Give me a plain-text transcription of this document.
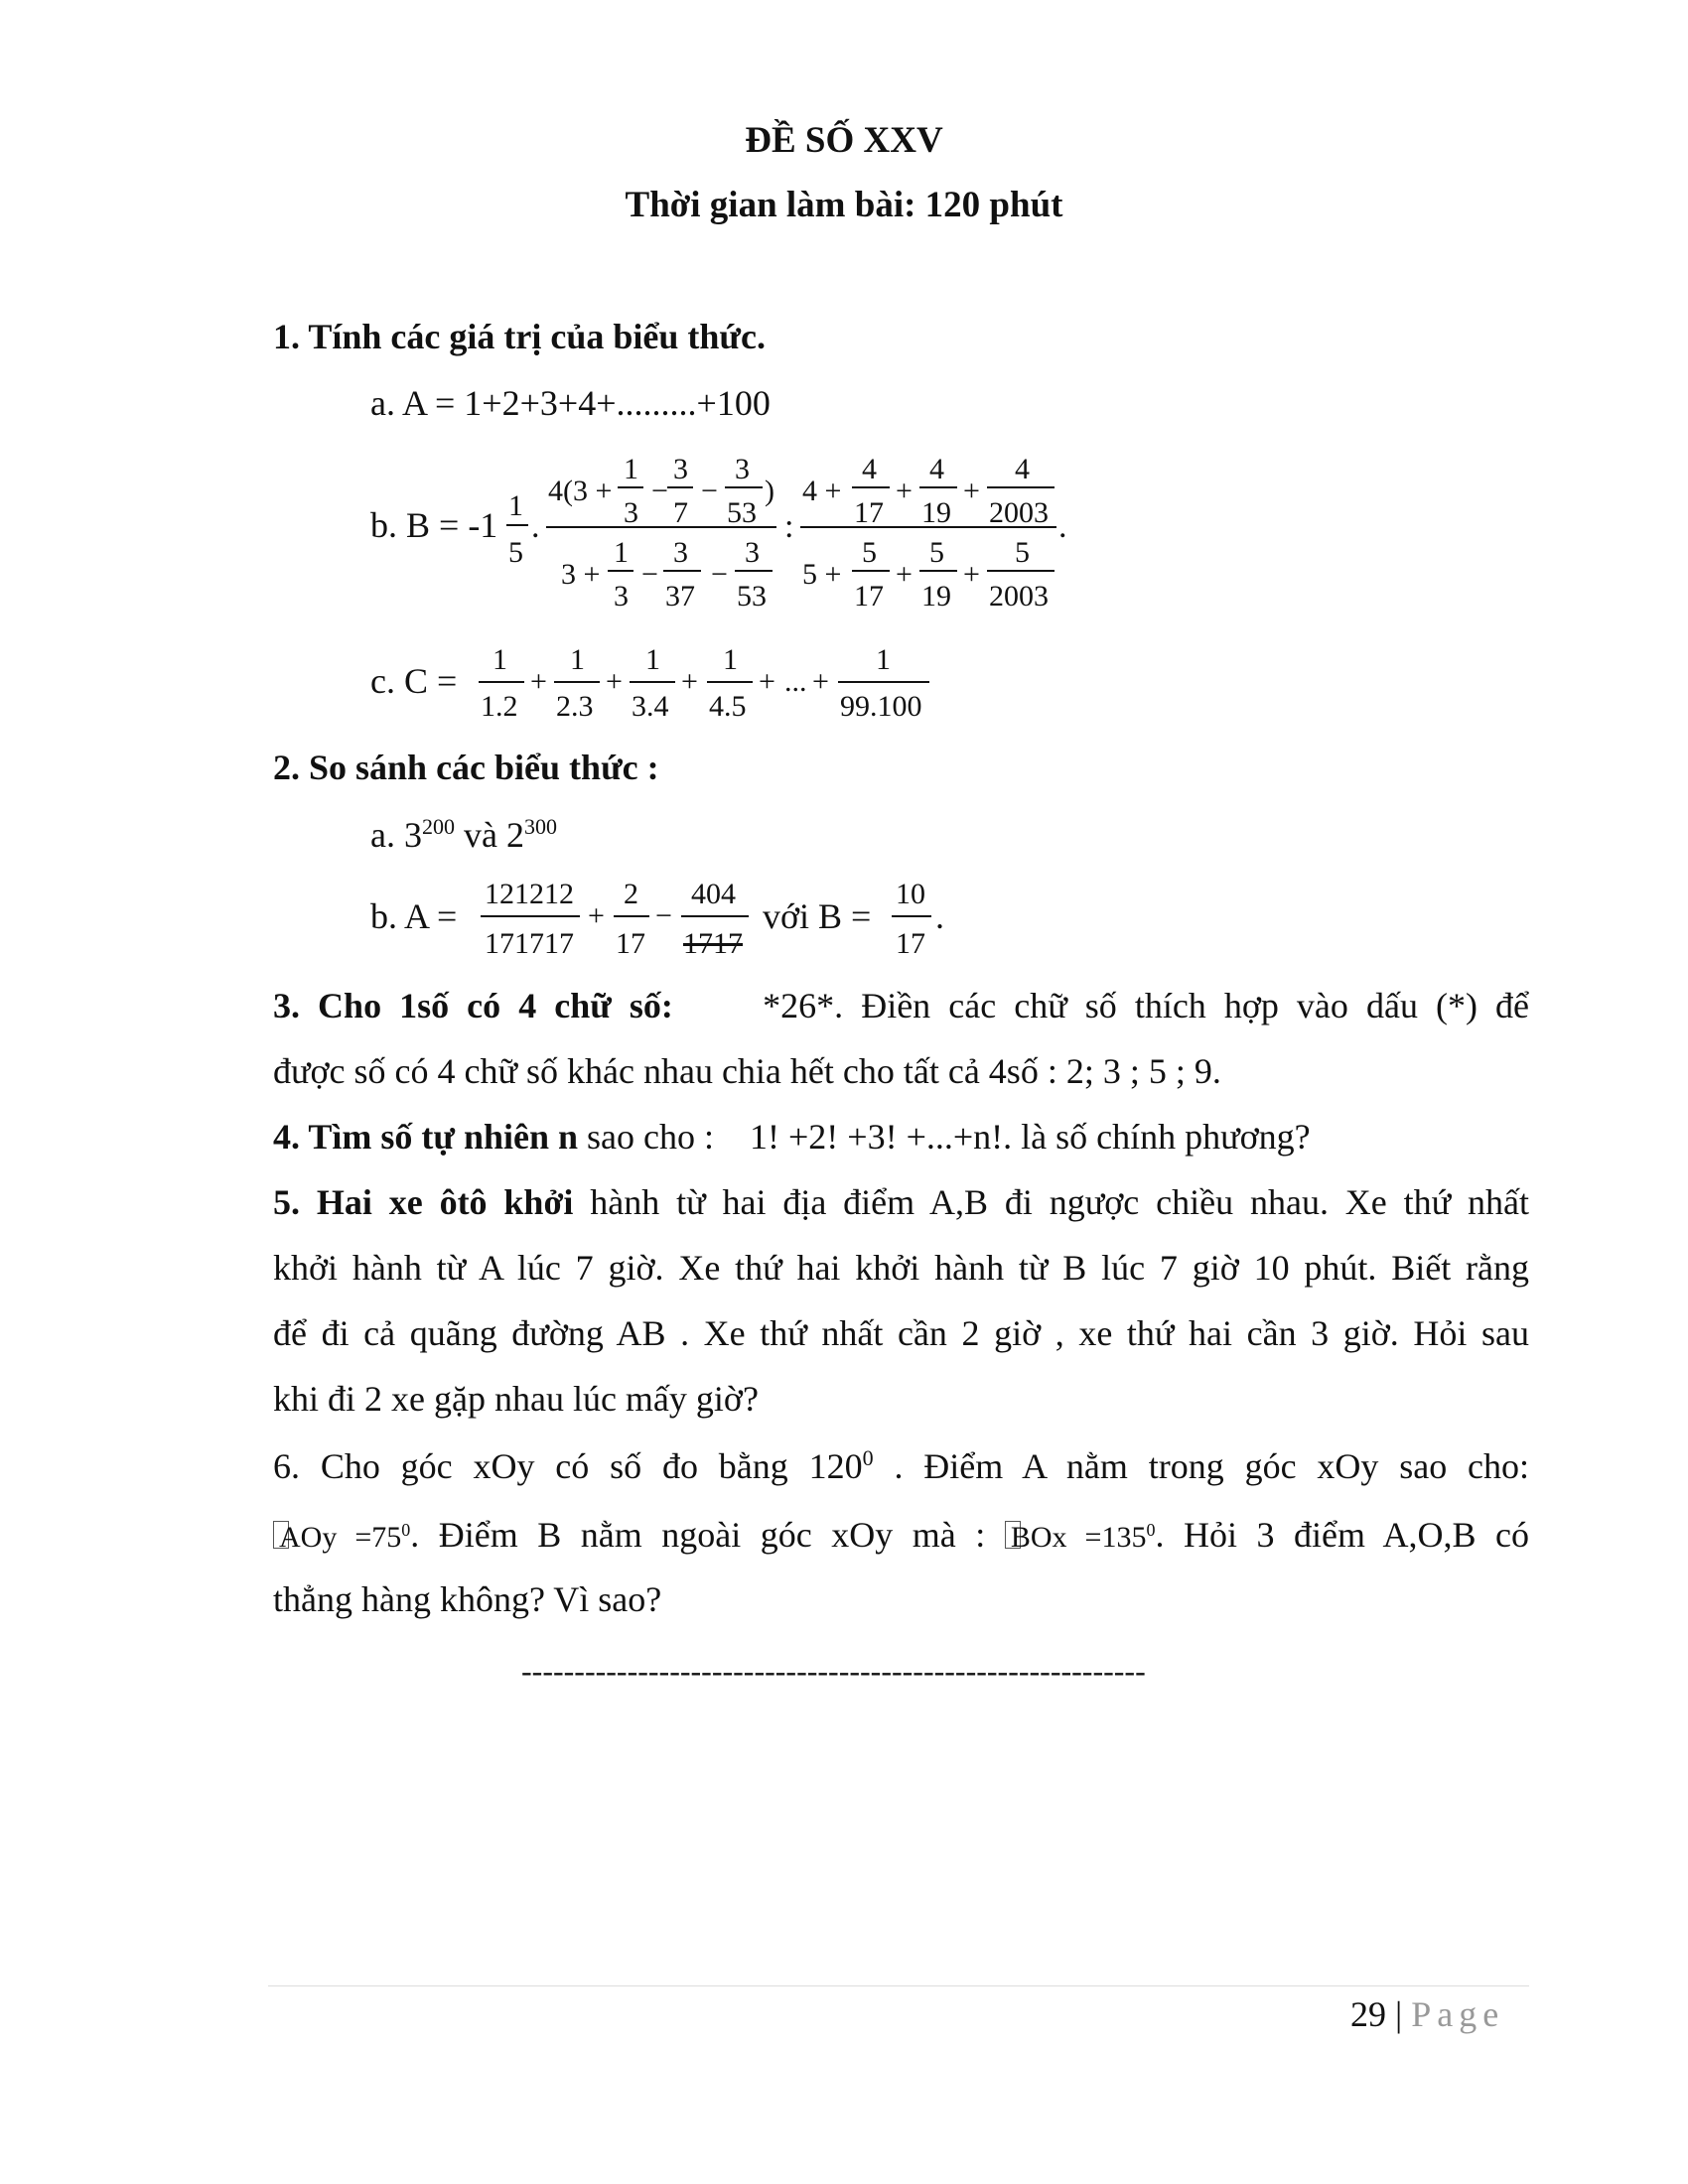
ĐỀ SỐ XXV
Thời gian làm bài: 120 phút
1. Tính các giá trị của biểu thức.
a. A = 1+2+3+4+.........+100
b. B = -1 1
5
.
4(3 +
1
3
−
3
7
−
3
53
)
3 +
1
3
−
3
37
−
3
53
:
4 +
4
17
+
4
19
+
4
2003
5 +
5
17
+
5
19
+
5
2003
.
c. C =
1
1.2
+
1
2.3
+
1
3.4
+
1
4.5
+ ... +
1
99.100
2. So sánh các biểu thức :
a. $3^{200}$ và $2^{300}$
b. A =
121212
171717
+
2
17
−
404
1717
với B =
10
17
.
3. Cho 1số có 4 chữ số:	*26*. Điền các chữ số thích hợp vào dấu (*) để
được số có 4 chữ số khác nhau chia hết cho tất cả 4số : 2; 3 ; 5 ; 9.
4. Tìm số tự nhiên n sao cho :    1! +2! +3! +...+n!. là số chính phương?
5. Hai xe ôtô khởi hành từ hai địa điểm A,B đi ngược chiều nhau. Xe thứ nhất
khởi hành từ A lúc 7 giờ. Xe thứ hai khởi hành từ B lúc 7 giờ 10 phút. Biết rằng
để đi cả quãng đường AB . Xe thứ nhất cần 2 giờ , xe thứ hai cần 3 giờ. Hỏi sau
khi đi 2 xe gặp nhau lúc mấy giờ?
6. Cho góc xOy có số đo bằng $120^0$ . Điểm A nằm trong góc xOy sao cho:
AOy $=75^0$. Điểm B nằm ngoài góc xOy mà : BOx $=135^0$. Hỏi 3 điểm A,O,B có
thẳng hàng không? Vì sao?
-----------------------------------------------------------
29 | Page
